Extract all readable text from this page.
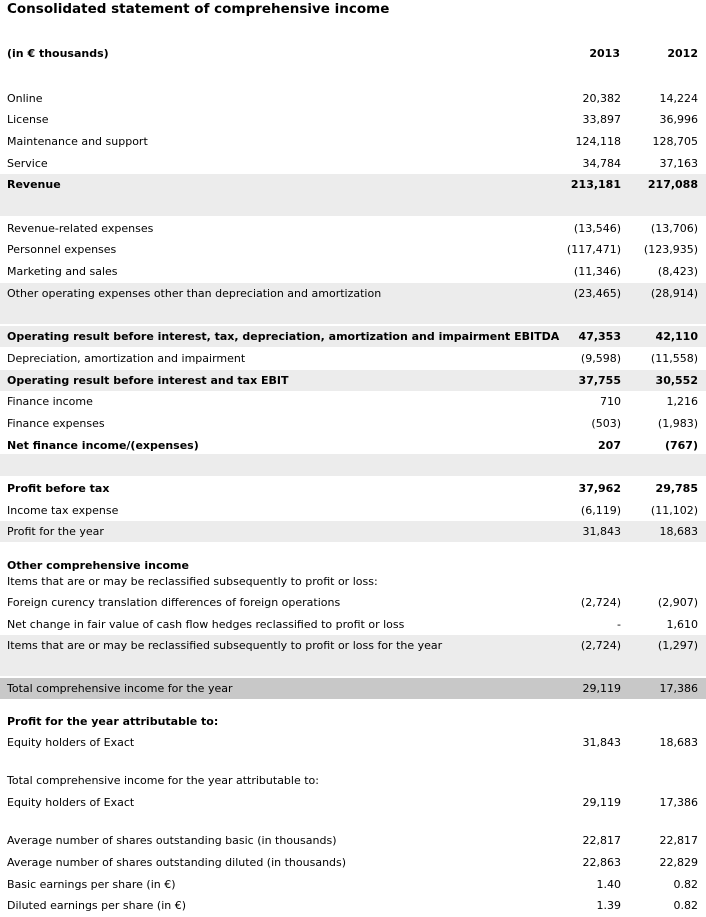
Consolidated statement of comprehensive income
(in € thousands)	2013	2012
Online	20,382	14,224
License	33,897	36,996
Maintenance and support	124,118	128,705
Service	34,784	37,163
Revenue	213,181	217,088
Revenue-related expenses	(13,546)	(13,706)
Personnel expenses	(117,471)	(123,935)
Marketing and sales	(11,346)	(8,423)
Other operating expenses other than depreciation and amortization	(23,465)	(28,914)
Operating result before interest, tax, depreciation, amortization and impairment EBITDA	47,353	42,110
Depreciation, amortization and impairment	(9,598)	(11,558)
Operating result before interest and tax EBIT	37,755	30,552
Finance income	710	1,216
Finance expenses	(503)	(1,983)
Net finance income/(expenses)	207	(767)
Profit before tax	37,962	29,785
Income tax expense	(6,119)	(11,102)
Profit for the year	31,843	18,683
Other comprehensive income
Items that are or may be reclassified subsequently to profit or loss:
Foreign curency translation differences of foreign operations	(2,724)	(2,907)
Net change in fair value of cash flow hedges reclassified to profit or loss	-	1,610
Items that are or may be reclassified subsequently to profit or loss for the year	(2,724)	(1,297)
Total comprehensive income for the year	29,119	17,386
Profit for the year attributable to:
Equity holders of Exact	31,843	18,683
Total comprehensive income for the year attributable to:
Equity holders of Exact	29,119	17,386
Average number of shares outstanding basic (in thousands)	22,817	22,817
Average number of shares outstanding diluted (in thousands)	22,863	22,829
Basic earnings per share (in €)	1.40	0.82
Diluted earnings per share (in €)	1.39	0.82
